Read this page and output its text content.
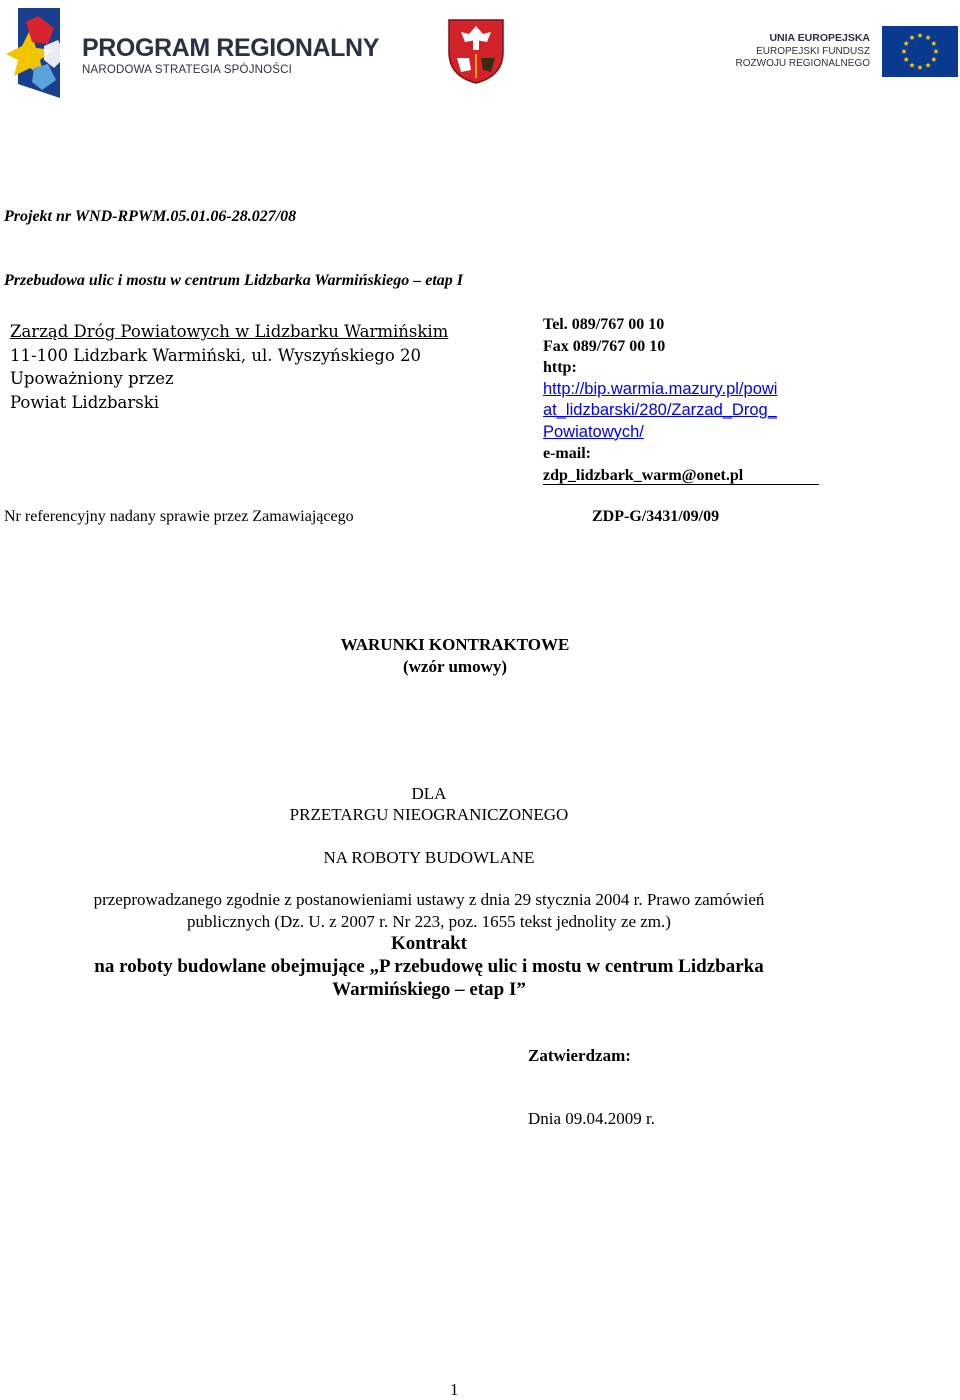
PROGRAM REGIONALNY
NARODOWA STRATEGIA SPÓJNOŚCI
UNIA EUROPEJSKA
EUROPEJSKI FUNDUSZ
ROZWOJU REGIONALNEGO
Projekt nr WND-RPWM.05.01.06-28.027/08
Przebudowa ulic i mostu w centrum Lidzbarka Warmińskiego – etap I
Zarząd Dróg Powiatowych w Lidzbarku Warmińskim
11-100 Lidzbark Warmiński, ul. Wyszyńskiego 20
Upoważniony przez
Powiat Lidzbarski
Tel. 089/767 00 10
Fax 089/767 00 10
http:
http://bip.warmia.mazury.pl/powi
at_lidzbarski/280/Zarzad_Drog_
Powiatowych/
e-mail:
zdp_lidzbark_warm@onet.pl
Nr referencyjny nadany sprawie przez Zamawiającego	ZDP-G/3431/09/09
WARUNKI KONTRAKTOWE
(wzór umowy)
DLA
PRZETARGU NIEOGRANICZONEGO
NA ROBOTY BUDOWLANE
przeprowadzanego zgodnie z postanowieniami ustawy z dnia 29 stycznia 2004 r. Prawo zamówień
publicznych (Dz. U. z 2007 r. Nr 223, poz. 1655 tekst jednolity ze zm.)
Kontrakt
na roboty budowlane obejmujące „P rzebudowę ulic i mostu w centrum Lidzbarka
Warmińskiego – etap I”
Zatwierdzam:
Dnia 09.04.2009 r.
1
